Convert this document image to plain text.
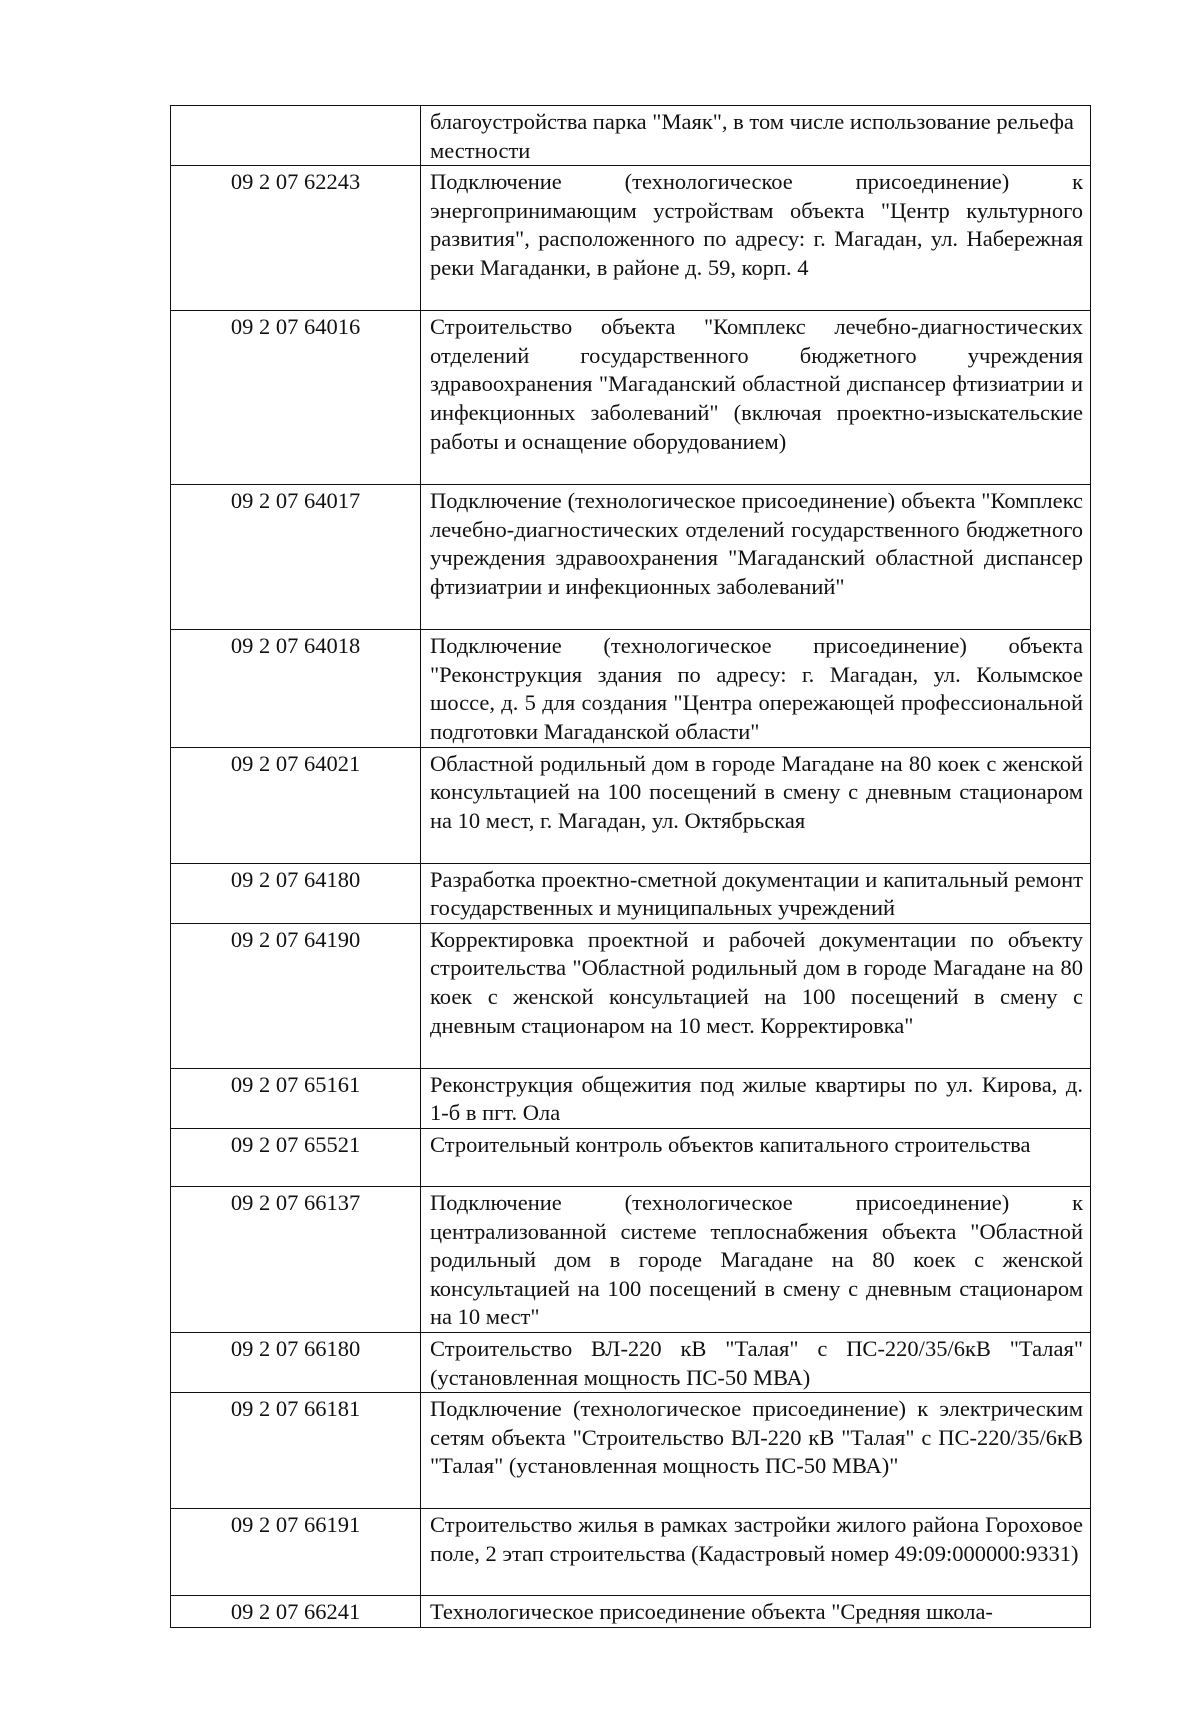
	благоустройства парка "Маяк", в том числе использование рельефа местности
09 2 07 62243	Подключение (технологическое присоединение) к энергопринимающим устройствам объекта "Центр культурного развития", расположенного по адресу: г. Магадан, ул. Набережная реки Магаданки, в районе д. 59, корп. 4
09 2 07 64016	Строительство объекта "Комплекс лечебно-диагностических отделений государственного бюджетного учреждения здравоохранения "Магаданский областной диспансер фтизиатрии и инфекционных заболеваний" (включая проектно-изыскательские работы и оснащение оборудованием)
09 2 07 64017	Подключение (технологическое присоединение) объекта "Комплекс лечебно-диагностических отделений государственного бюджетного учреждения здравоохранения "Магаданский областной диспансер фтизиатрии и инфекционных заболеваний"
09 2 07 64018	Подключение (технологическое присоединение) объекта "Реконструкция здания по адресу: г. Магадан, ул. Колымское шоссе, д. 5 для создания "Центра опережающей профессиональной подготовки Магаданской области"
09 2 07 64021	Областной родильный дом в городе Магадане на 80 коек с женской консультацией на 100 посещений в смену с дневным стационаром на 10 мест, г. Магадан, ул. Октябрьская
09 2 07 64180	Разработка проектно-сметной документации и капитальный ремонт государственных и муниципальных учреждений
09 2 07 64190	Корректировка проектной и рабочей документации по объекту строительства "Областной родильный дом в городе Магадане на 80 коек с женской консультацией на 100 посещений в смену с дневным стационаром на 10 мест. Корректировка"
09 2 07 65161	Реконструкция общежития под жилые квартиры по ул. Кирова, д. 1-б в пгт. Ола
09 2 07 65521	Строительный контроль объектов капитального строительства
09 2 07 66137	Подключение (технологическое присоединение) к централизованной системе теплоснабжения объекта "Областной родильный дом в городе Магадане на 80 коек с женской консультацией на 100 посещений в смену с дневным стационаром на 10 мест"
09 2 07 66180	Строительство ВЛ-220 кВ "Талая" с ПС-220/35/6кВ "Талая" (установленная мощность ПС-50 МВА)
09 2 07 66181	Подключение (технологическое присоединение) к электрическим сетям объекта "Строительство ВЛ-220 кВ "Талая" с ПС-220/35/6кВ "Талая" (установленная мощность ПС-50 МВА)"
09 2 07 66191	Строительство жилья в рамках застройки жилого района Гороховое поле, 2 этап строительства (Кадастровый номер 49:09:000000:9331)
09 2 07 66241	Технологическое присоединение объекта "Средняя школа-
